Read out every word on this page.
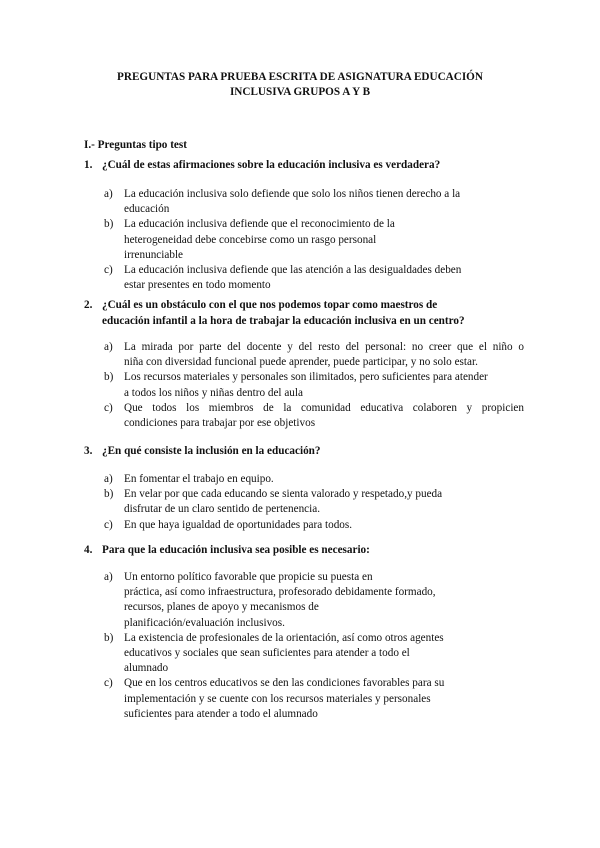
PREGUNTAS PARA PRUEBA ESCRITA DE ASIGNATURA EDUCACIÓN
INCLUSIVA GRUPOS A Y B
I.- Preguntas tipo test
1. ¿Cuál de estas afirmaciones sobre la educación inclusiva es verdadera?
a) La educación inclusiva solo defiende que solo los niños tienen derecho a la
educación
b) La educación inclusiva defiende que el reconocimiento de la
heterogeneidad debe concebirse como un rasgo personal
irrenunciable
c) La educación inclusiva defiende que las atención a las desigualdades deben
estar presentes en todo momento
2. ¿Cuál es un obstáculo con el que nos podemos topar como maestros de
educación infantil a la hora de trabajar la educación inclusiva en un centro?
a) La mirada por parte del docente y del resto del personal: no creer que el niño o
niña con diversidad funcional puede aprender, puede participar, y no solo estar.
b) Los recursos materiales y personales son ilimitados, pero suficientes para atender
a todos los niños y niñas dentro del aula
c) Que todos los miembros de la comunidad educativa colaboren y propicien
condiciones para trabajar por ese objetivos
3. ¿En qué consiste la inclusión en la educación?
a) En fomentar el trabajo en equipo.
b) En velar por que cada educando se sienta valorado y respetado,y pueda
disfrutar de un claro sentido de pertenencia.
c) En que haya igualdad de oportunidades para todos.
4. Para que la educación inclusiva sea posible es necesario:
a) Un entorno político favorable que propicie su puesta en
práctica, así como infraestructura, profesorado debidamente formado,
recursos, planes de apoyo y mecanismos de
planificación/evaluación inclusivos.
b) La existencia de profesionales de la orientación, así como otros agentes
educativos y sociales que sean suficientes para atender a todo el
alumnado
c) Que en los centros educativos se den las condiciones favorables para su
implementación y se cuente con los recursos materiales y personales
suficientes para atender a todo el alumnado
